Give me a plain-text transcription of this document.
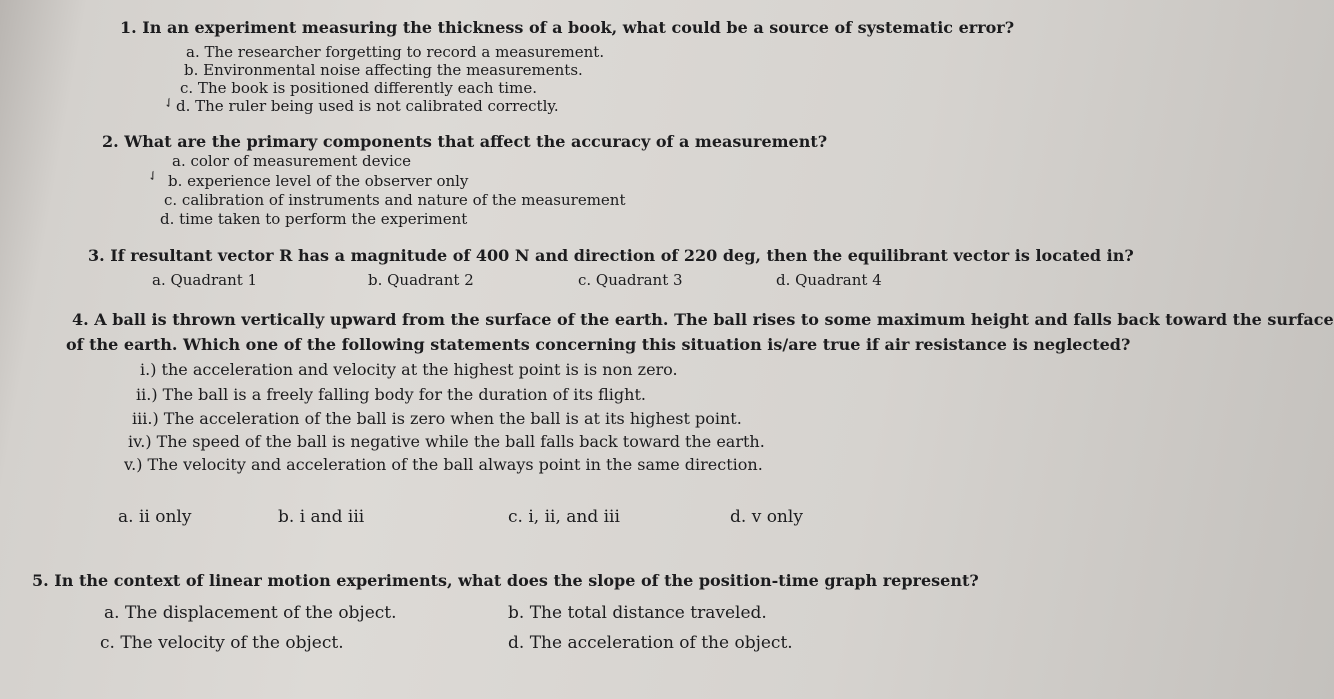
1. In an experiment measuring the thickness of a book, what could be a source of systematic error?
a. The researcher forgetting to record a measurement.
b. Environmental noise affecting the measurements.
c. The book is positioned differently each time.
✓
d. The ruler being used is not calibrated correctly.
2. What are the primary components that affect the accuracy of a measurement?
a. color of measurement device
✓ b. experience level of the observer only
c. calibration of instruments and nature of the measurement
d. time taken to perform the experiment
3. If resultant vector R has a magnitude of 400 N and direction of 220 deg, then the equilibrant vector is located in?
a. Quadrant 1	b. Quadrant 2	c. Quadrant 3	d. Quadrant 4
4. A ball is thrown vertically upward from the surface of the earth. The ball rises to some maximum height and falls back toward the surface
of the earth. Which one of the following statements concerning this situation is/are true if air resistance is neglected?
i.) the acceleration and velocity at the highest point is is non zero.
ii.) The ball is a freely falling body for the duration of its flight.
iii.) The acceleration of the ball is zero when the ball is at its highest point.
iv.) The speed of the ball is negative while the ball falls back toward the earth.
v.) The velocity and acceleration of the ball always point in the same direction.
a. ii only	b. i and iii	c. i, ii, and iii	d. v only
5. In the context of linear motion experiments, what does the slope of the position-time graph represent?
a. The displacement of the object.	b. The total distance traveled.
c. The velocity of the object.	d. The acceleration of the object.
